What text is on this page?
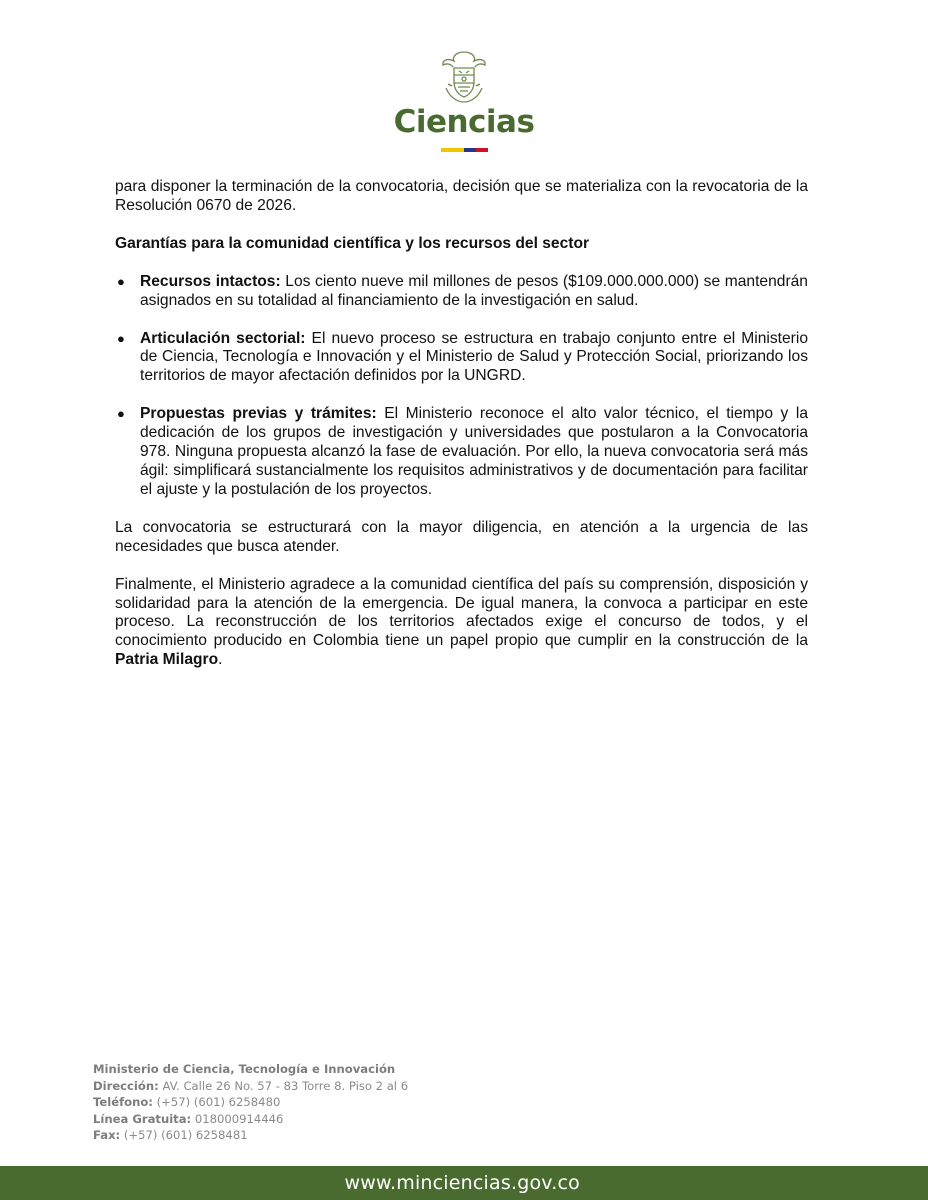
Ciencias

para disponer la terminación de la convocatoria, decisión que se materializa con la revocatoria de la Resolución 0670 de 2026.

Garantías para la comunidad científica y los recursos del sector

● Recursos intactos: Los ciento nueve mil millones de pesos ($109.000.000.000) se mantendrán asignados en su totalidad al financiamiento de la investigación en salud.
● Articulación sectorial: El nuevo proceso se estructura en trabajo conjunto entre el Ministerio de Ciencia, Tecnología e Innovación y el Ministerio de Salud y Protección Social, priorizando los territorios de mayor afectación definidos por la UNGRD.
● Propuestas previas y trámites: El Ministerio reconoce el alto valor técnico, el tiempo y la dedicación de los grupos de investigación y universidades que postularon a la Convocatoria 978. Ninguna propuesta alcanzó la fase de evaluación. Por ello, la nueva convocatoria será más ágil: simplificará sustancialmente los requisitos administrativos y de documentación para facilitar el ajuste y la postulación de los proyectos.

La convocatoria se estructurará con la mayor diligencia, en atención a la urgencia de las necesidades que busca atender.

Finalmente, el Ministerio agradece a la comunidad científica del país su comprensión, disposición y solidaridad para la atención de la emergencia. De igual manera, la convoca a participar en este proceso. La reconstrucción de los territorios afectados exige el concurso de todos, y el conocimiento producido en Colombia tiene un papel propio que cumplir en la construcción de la Patria Milagro.

Ministerio de Ciencia, Tecnología e Innovación
Dirección: AV. Calle 26 No. 57 - 83 Torre 8. Piso 2 al 6
Teléfono: (+57) (601) 6258480
Línea Gratuita: 018000914446
Fax: (+57) (601) 6258481
www.minciencias.gov.co
